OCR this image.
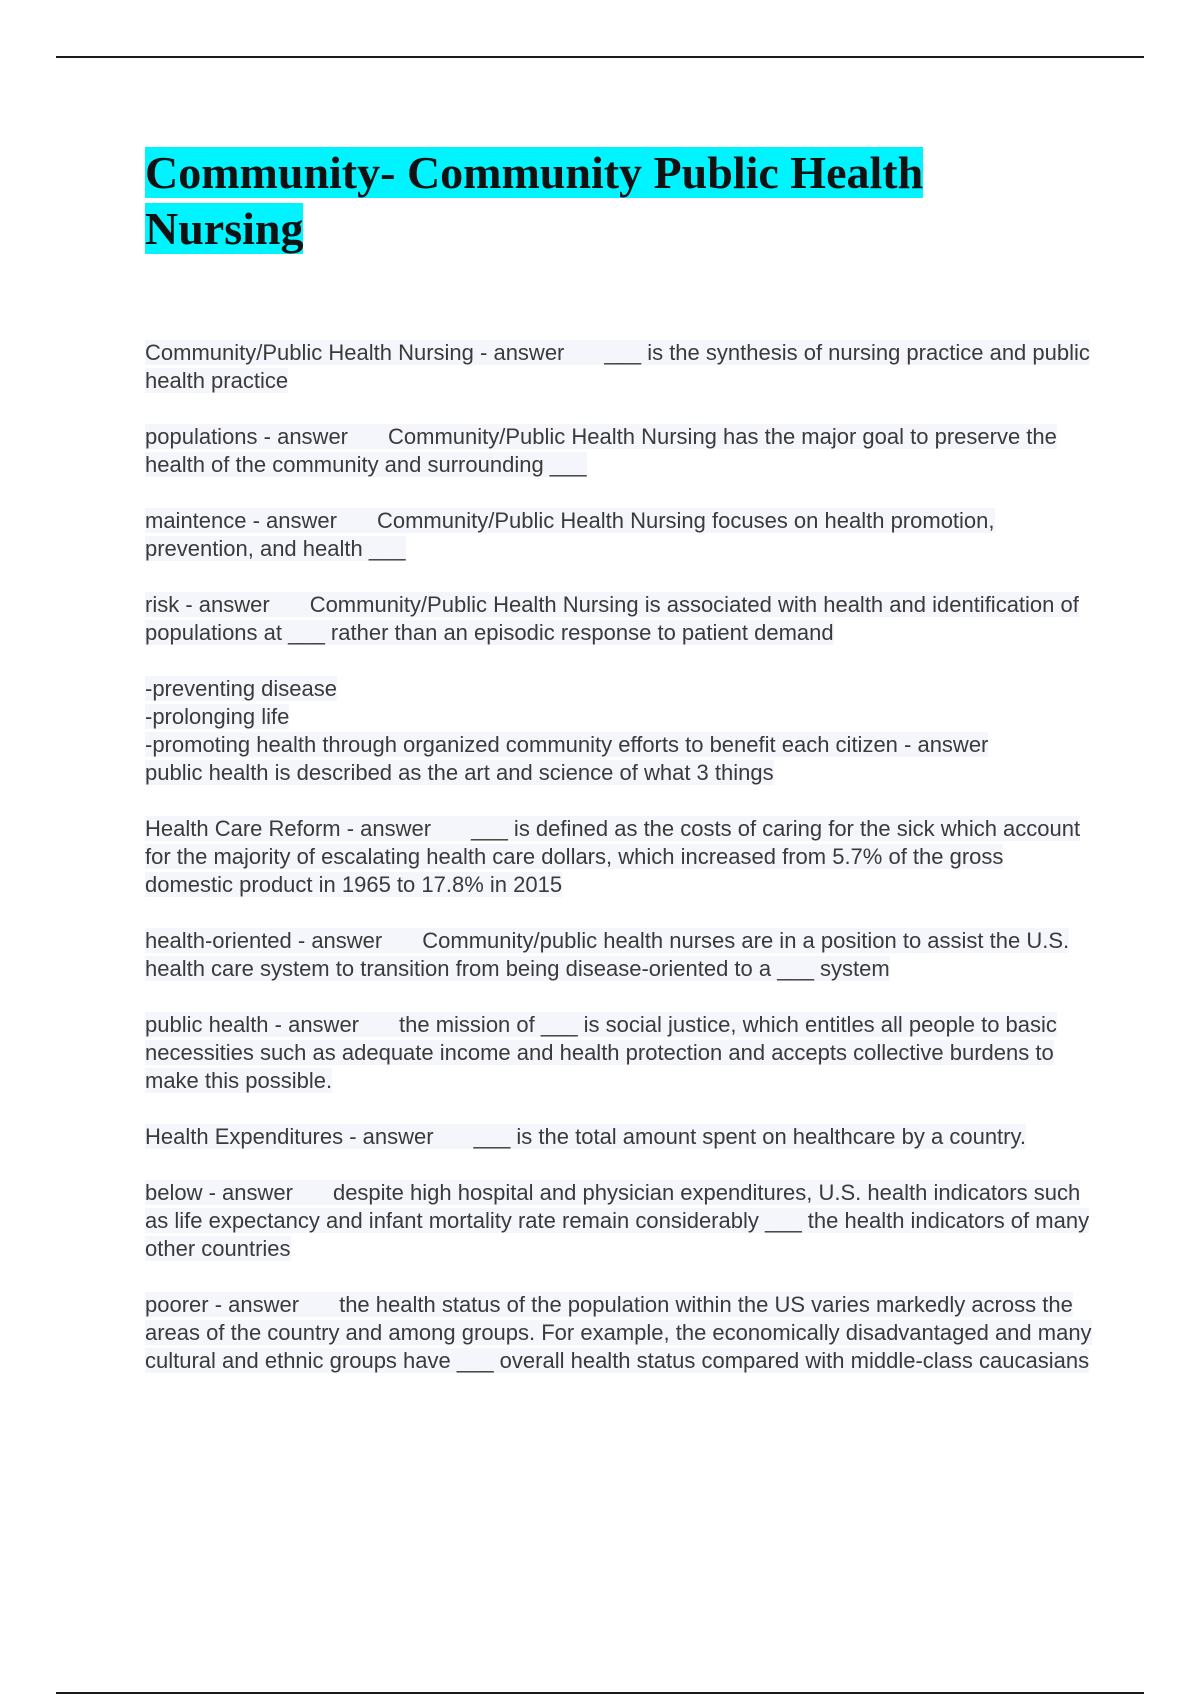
Community- Community Public Health Nursing

Community/Public Health Nursing - answer ___ is the synthesis of nursing practice and public health practice

populations - answer Community/Public Health Nursing has the major goal to preserve the health of the community and surrounding ___

maintence - answer Community/Public Health Nursing focuses on health promotion, prevention, and health ___

risk - answer Community/Public Health Nursing is associated with health and identification of populations at ___ rather than an episodic response to patient demand

-preventing disease
-prolonging life
-promoting health through organized community efforts to benefit each citizen - answer
public health is described as the art and science of what 3 things

Health Care Reform - answer ___ is defined as the costs of caring for the sick which account for the majority of escalating health care dollars, which increased from 5.7% of the gross domestic product in 1965 to 17.8% in 2015

health-oriented - answer Community/public health nurses are in a position to assist the U.S. health care system to transition from being disease-oriented to a ___ system

public health - answer the mission of ___ is social justice, which entitles all people to basic necessities such as adequate income and health protection and accepts collective burdens to make this possible.

Health Expenditures - answer ___ is the total amount spent on healthcare by a country.

below - answer despite high hospital and physician expenditures, U.S. health indicators such as life expectancy and infant mortality rate remain considerably ___ the health indicators of many other countries

poorer - answer the health status of the population within the US varies markedly across the areas of the country and among groups. For example, the economically disadvantaged and many cultural and ethnic groups have ___ overall health status compared with middle-class caucasians
